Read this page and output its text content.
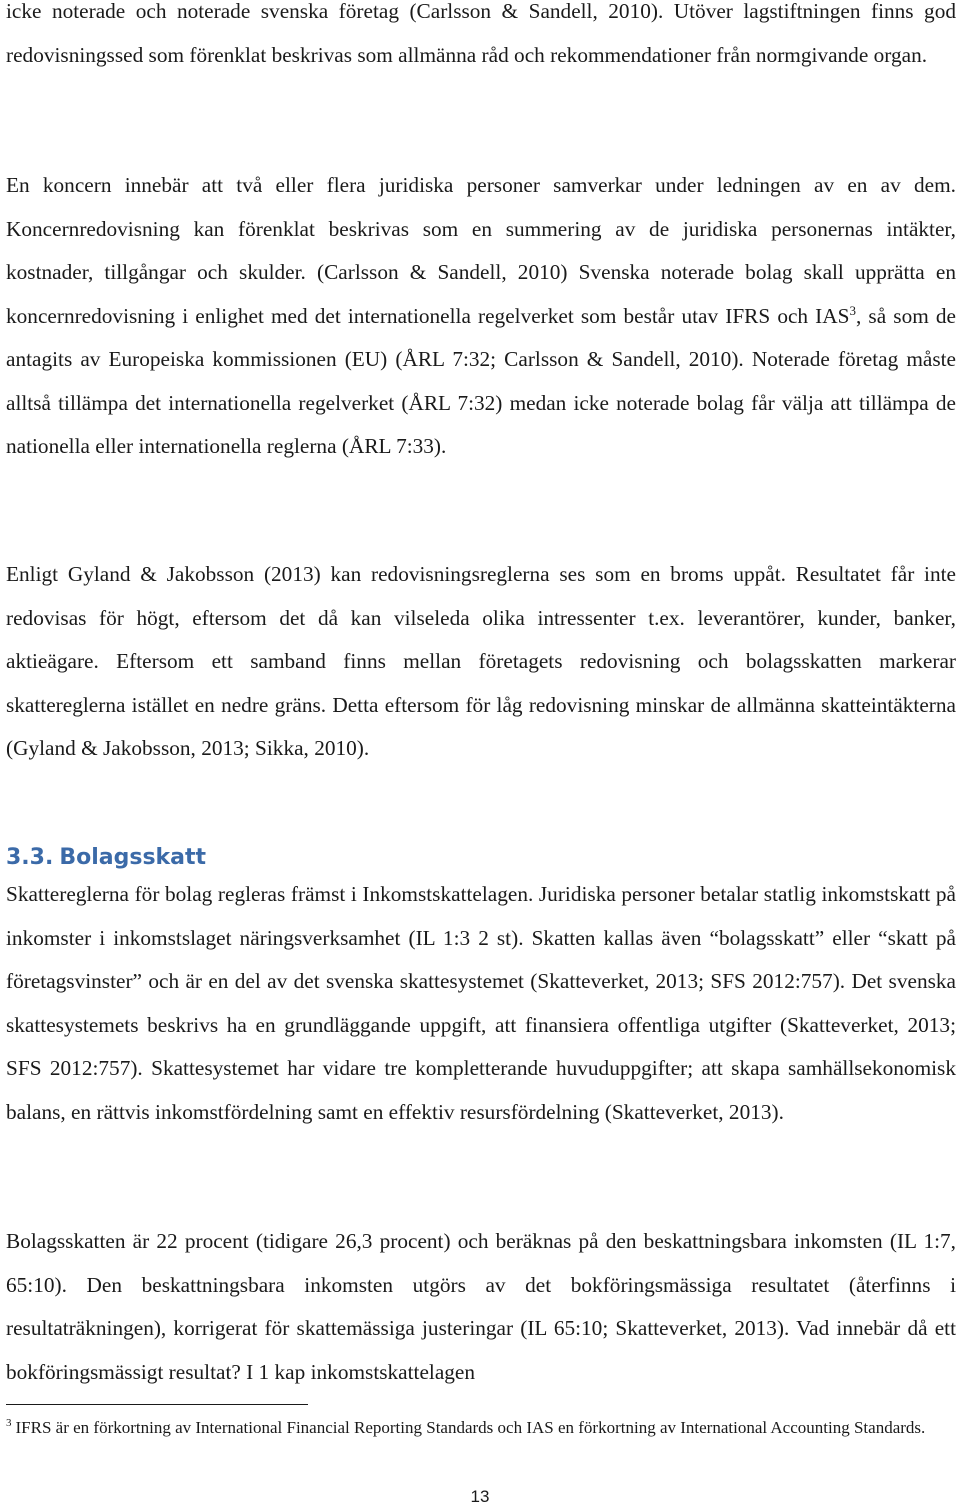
icke noterade och noterade svenska företag (Carlsson & Sandell, 2010). Utöver lagstiftningen finns god redovisningssed som förenklat beskrivas som allmänna råd och rekommendationer från normgivande organ.

En koncern innebär att två eller flera juridiska personer samverkar under ledningen av en av dem. Koncernredovisning kan förenklat beskrivas som en summering av de juridiska personernas intäkter, kostnader, tillgångar och skulder. (Carlsson & Sandell, 2010) Svenska noterade bolag skall upprätta en koncernredovisning i enlighet med det internationella regelverket som består utav IFRS och IAS$^3$, så som de antagits av Europeiska kommissionen (EU) (ÅRL 7:32; Carlsson & Sandell, 2010). Noterade företag måste alltså tillämpa det internationella regelverket (ÅRL 7:32) medan icke noterade bolag får välja att tillämpa de nationella eller internationella reglerna (ÅRL 7:33).

Enligt Gyland & Jakobsson (2013) kan redovisningsreglerna ses som en broms uppåt. Resultatet får inte redovisas för högt, eftersom det då kan vilseleda olika intressenter t.ex. leverantörer, kunder, banker, aktieägare. Eftersom ett samband finns mellan företagets redovisning och bolagsskatten markerar skattereglerna istället en nedre gräns. Detta eftersom för låg redovisning minskar de allmänna skatteintäkterna (Gyland & Jakobsson, 2013; Sikka, 2010).

3.3. Bolagsskatt

Skattereglerna för bolag regleras främst i Inkomstskattelagen. Juridiska personer betalar statlig inkomstskatt på inkomster i inkomstslaget näringsverksamhet (IL 1:3 2 st). Skatten kallas även “bolagsskatt” eller “skatt på företagsvinster” och är en del av det svenska skattesystemet (Skatteverket, 2013; SFS 2012:757). Det svenska skattesystemets beskrivs ha en grundläggande uppgift, att finansiera offentliga utgifter (Skatteverket, 2013; SFS 2012:757). Skattesystemet har vidare tre kompletterande huvuduppgifter; att skapa samhällsekonomisk balans, en rättvis inkomstfördelning samt en effektiv resursfördelning (Skatteverket, 2013).

Bolagsskatten är 22 procent (tidigare 26,3 procent) och beräknas på den beskattningsbara inkomsten (IL 1:7, 65:10). Den beskattningsbara inkomsten utgörs av det bokföringsmässiga resultatet (återfinns i resultaträkningen), korrigerat för skattemässiga justeringar (IL 65:10; Skatteverket, 2013). Vad innebär då ett bokföringsmässigt resultat? I 1 kap inkomstskattelagen

$^3$ IFRS är en förkortning av International Financial Reporting Standards och IAS en förkortning av International Accounting Standards.

13
